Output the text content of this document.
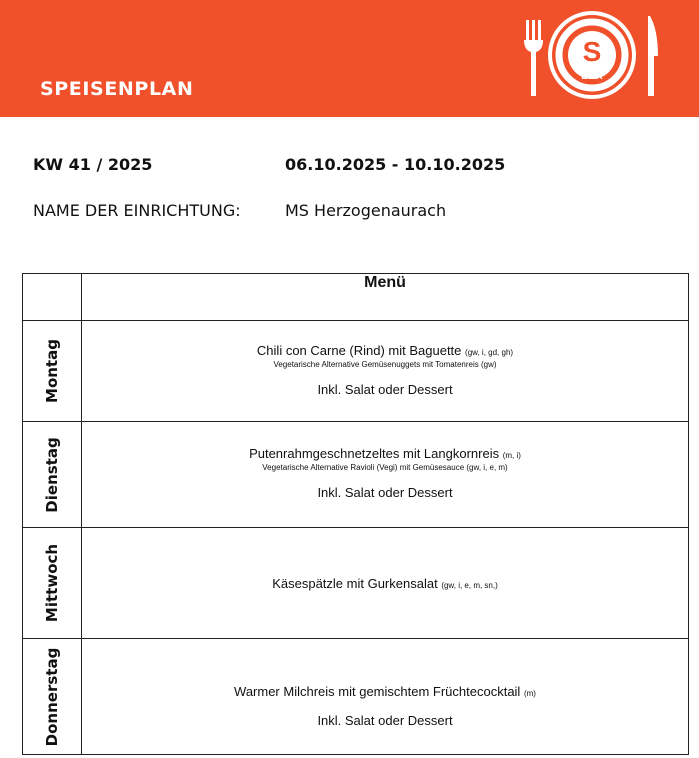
SPEISENPLAN
S
BAR
KW 41 / 2025	06.10.2025 - 10.10.2025
NAME DER EINRICHTUNG:	MS Herzogenaurach
	Menü

Montag	Chili con Carne (Rind) mit Baguette (gw, i, gd, gh)
Vegetarische Alternative Gemüsenuggets mit Tomatenreis (gw)
Inkl. Salat oder Dessert

Dienstag	Putenrahmgeschnetzeltes mit Langkornreis (m, i)
Vegetarische Alternative Ravioli (Vegi) mit Gemüsesauce (gw, i, e, m)
Inkl. Salat oder Dessert

Mittwoch	Käsespätzle mit Gurkensalat (gw, i, e, m, sn,)

Donnerstag	Warmer Milchreis mit gemischtem Früchtecocktail (m)
Inkl. Salat oder Dessert
